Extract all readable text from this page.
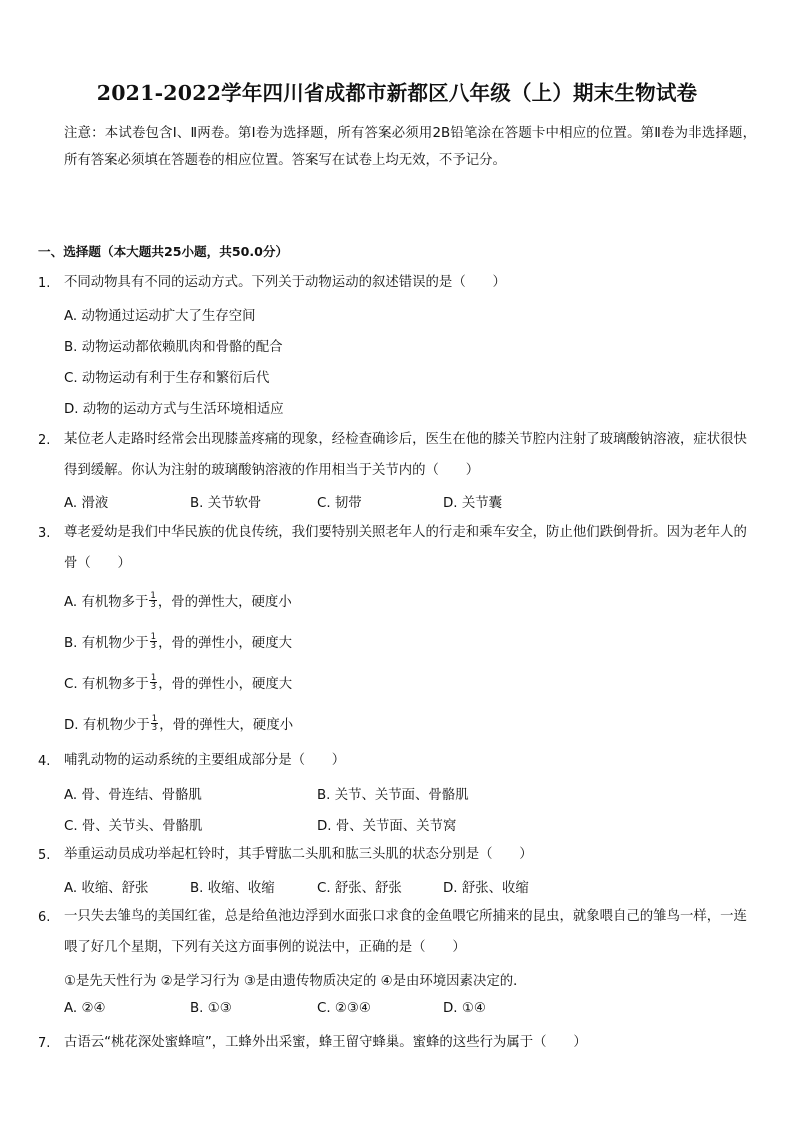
2021-2022学年四川省成都市新都区八年级（上）期末生物试卷
注意：本试卷包含Ⅰ、Ⅱ两卷。第Ⅰ卷为选择题，所有答案必须用2B铅笔涂在答题卡中相应的位置。第Ⅱ卷为非选择题，所有答案必须填在答题卷的相应位置。答案写在试卷上均无效，不予记分。
一、选择题（本大题共25小题，共50.0分）
1. 不同动物具有不同的运动方式。下列关于动物运动的叙述错误的是（　　）
A. 动物通过运动扩大了生存空间
B. 动物运动都依赖肌肉和骨骼的配合
C. 动物运动有利于生存和繁衍后代
D. 动物的运动方式与生活环境相适应
2. 某位老人走路时经常会出现膝盖疼痛的现象，经检查确诊后，医生在他的膝关节腔内注射了玻璃酸钠溶液，症状很快得到缓解。你认为注射的玻璃酸钠溶液的作用相当于关节内的（　　）
A. 滑液	B. 关节软骨	C. 韧带	D. 关节囊
3. 尊老爱幼是我们中华民族的优良传统，我们要特别关照老年人的行走和乘车安全，防止他们跌倒骨折。因为老年人的骨（　　）
A. 有机物多于 $\frac{1}{3}$ ，骨的弹性大，硬度小
B. 有机物少于 $\frac{1}{3}$ ，骨的弹性小，硬度大
C. 有机物多于 $\frac{1}{3}$ ，骨的弹性小，硬度大
D. 有机物少于 $\frac{1}{3}$ ，骨的弹性大，硬度小
4. 哺乳动物的运动系统的主要组成部分是（　　）
A. 骨、骨连结、骨骼肌	B. 关节、关节面、骨骼肌
C. 骨、关节头、骨骼肌	D. 骨、关节面、关节窝
5. 举重运动员成功举起杠铃时，其手臂肱二头肌和肱三头肌的状态分别是（　　）
A. 收缩、舒张	B. 收缩、收缩	C. 舒张、舒张	D. 舒张、收缩
6. 一只失去雏鸟的美国红雀，总是给鱼池边浮到水面张口求食的金鱼喂它所捕来的昆虫，就象喂自己的雏鸟一样，一连喂了好几个星期，下列有关这方面事例的说法中，正确的是（　　）
①是先天性行为 ②是学习行为 ③是由遗传物质决定的 ④是由环境因素决定的．
A. ②④	B. ①③	C. ②③④	D. ①④
7. 古语云“桃花深处蜜蜂喧”，工蜂外出采蜜，蜂王留守蜂巢。蜜蜂的这些行为属于（　　）
